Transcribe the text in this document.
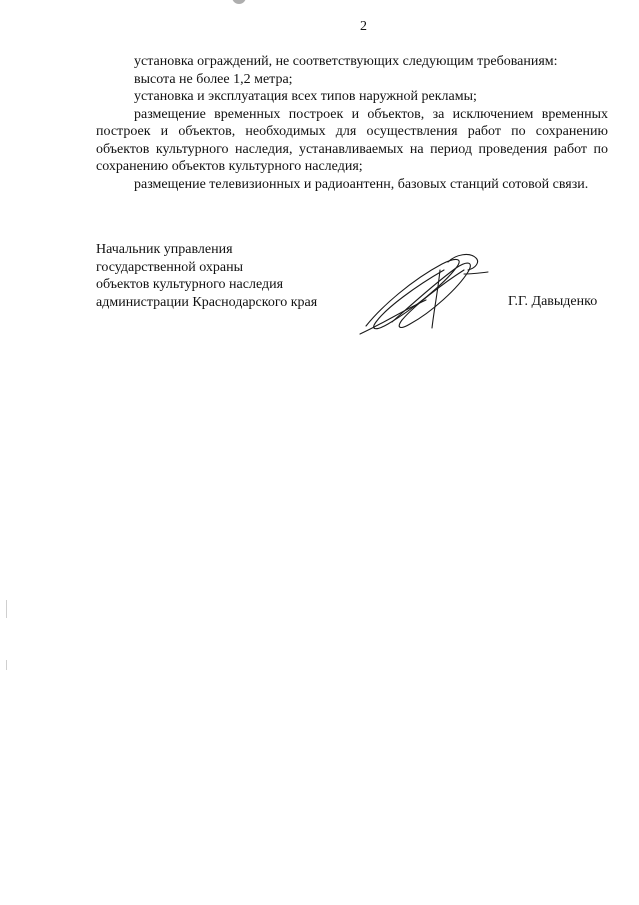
2

установка ограждений, не соответствующих следующим требованиям:

высота не более 1,2 метра;

установка и эксплуатация всех типов наружной рекламы;

размещение временных построек и объектов, за исключением временных построек и объектов, необходимых для осуществления работ по сохранению объектов культурного наследия, устанавливаемых на период проведения работ по сохранению объектов культурного наследия;

размещение телевизионных и радиоантенн, базовых станций сотовой связи.

Начальник управления
государственной охраны
объектов культурного наследия
администрации Краснодарского края	Г.Г. Давыденко
